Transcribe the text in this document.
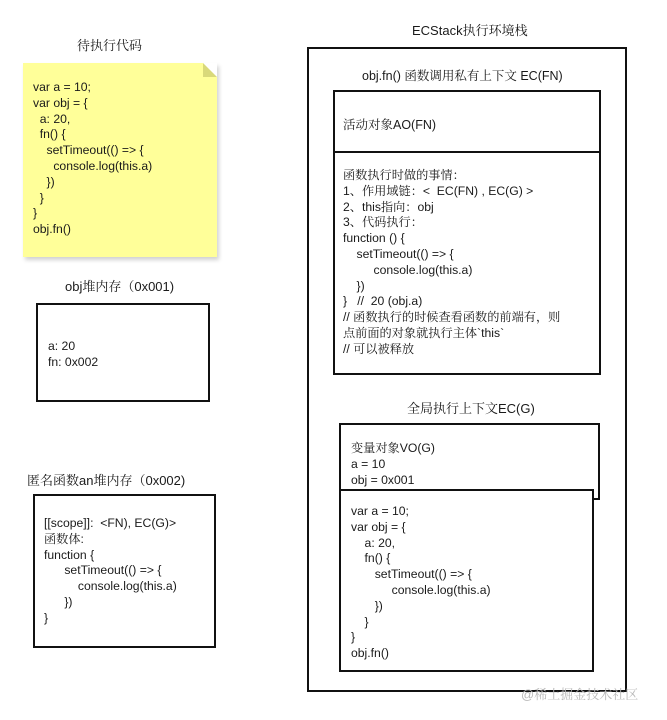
待执行代码
var a = 10;
var obj = {
a: 20,
fn() {
setTimeout(() => {
console.log(this.a)
})
}
}
obj.fn()
obj堆内存（0x001)
a: 20
fn: 0x002
匿名函数an堆内存（0x002)
[[scope]]:  <FN), EC(G)>
函数体:
function {
setTimeout(() => {
console.log(this.a)
})
}
ECStack执行环境栈
obj.fn() 函数调用私有上下文 EC(FN)
活动对象AO(FN)
函数执行时做的事情：
1、作用域链：<  EC(FN) , EC(G) >
2、this指向：obj
3、代码执行：
function () {
setTimeout(() => {
console.log(this.a)
})
}   //  20 (obj.a)
// 函数执行的时候查看函数的前端有，则
点前面的对象就执行主体`this`
// 可以被释放
全局执行上下文EC(G)
变量对象VO(G)
a = 10
obj = 0x001
var a = 10;
var obj = {
a: 20,
fn() {
setTimeout(() => {
console.log(this.a)
})
}
}
obj.fn()
@稀土掘金技术社区
